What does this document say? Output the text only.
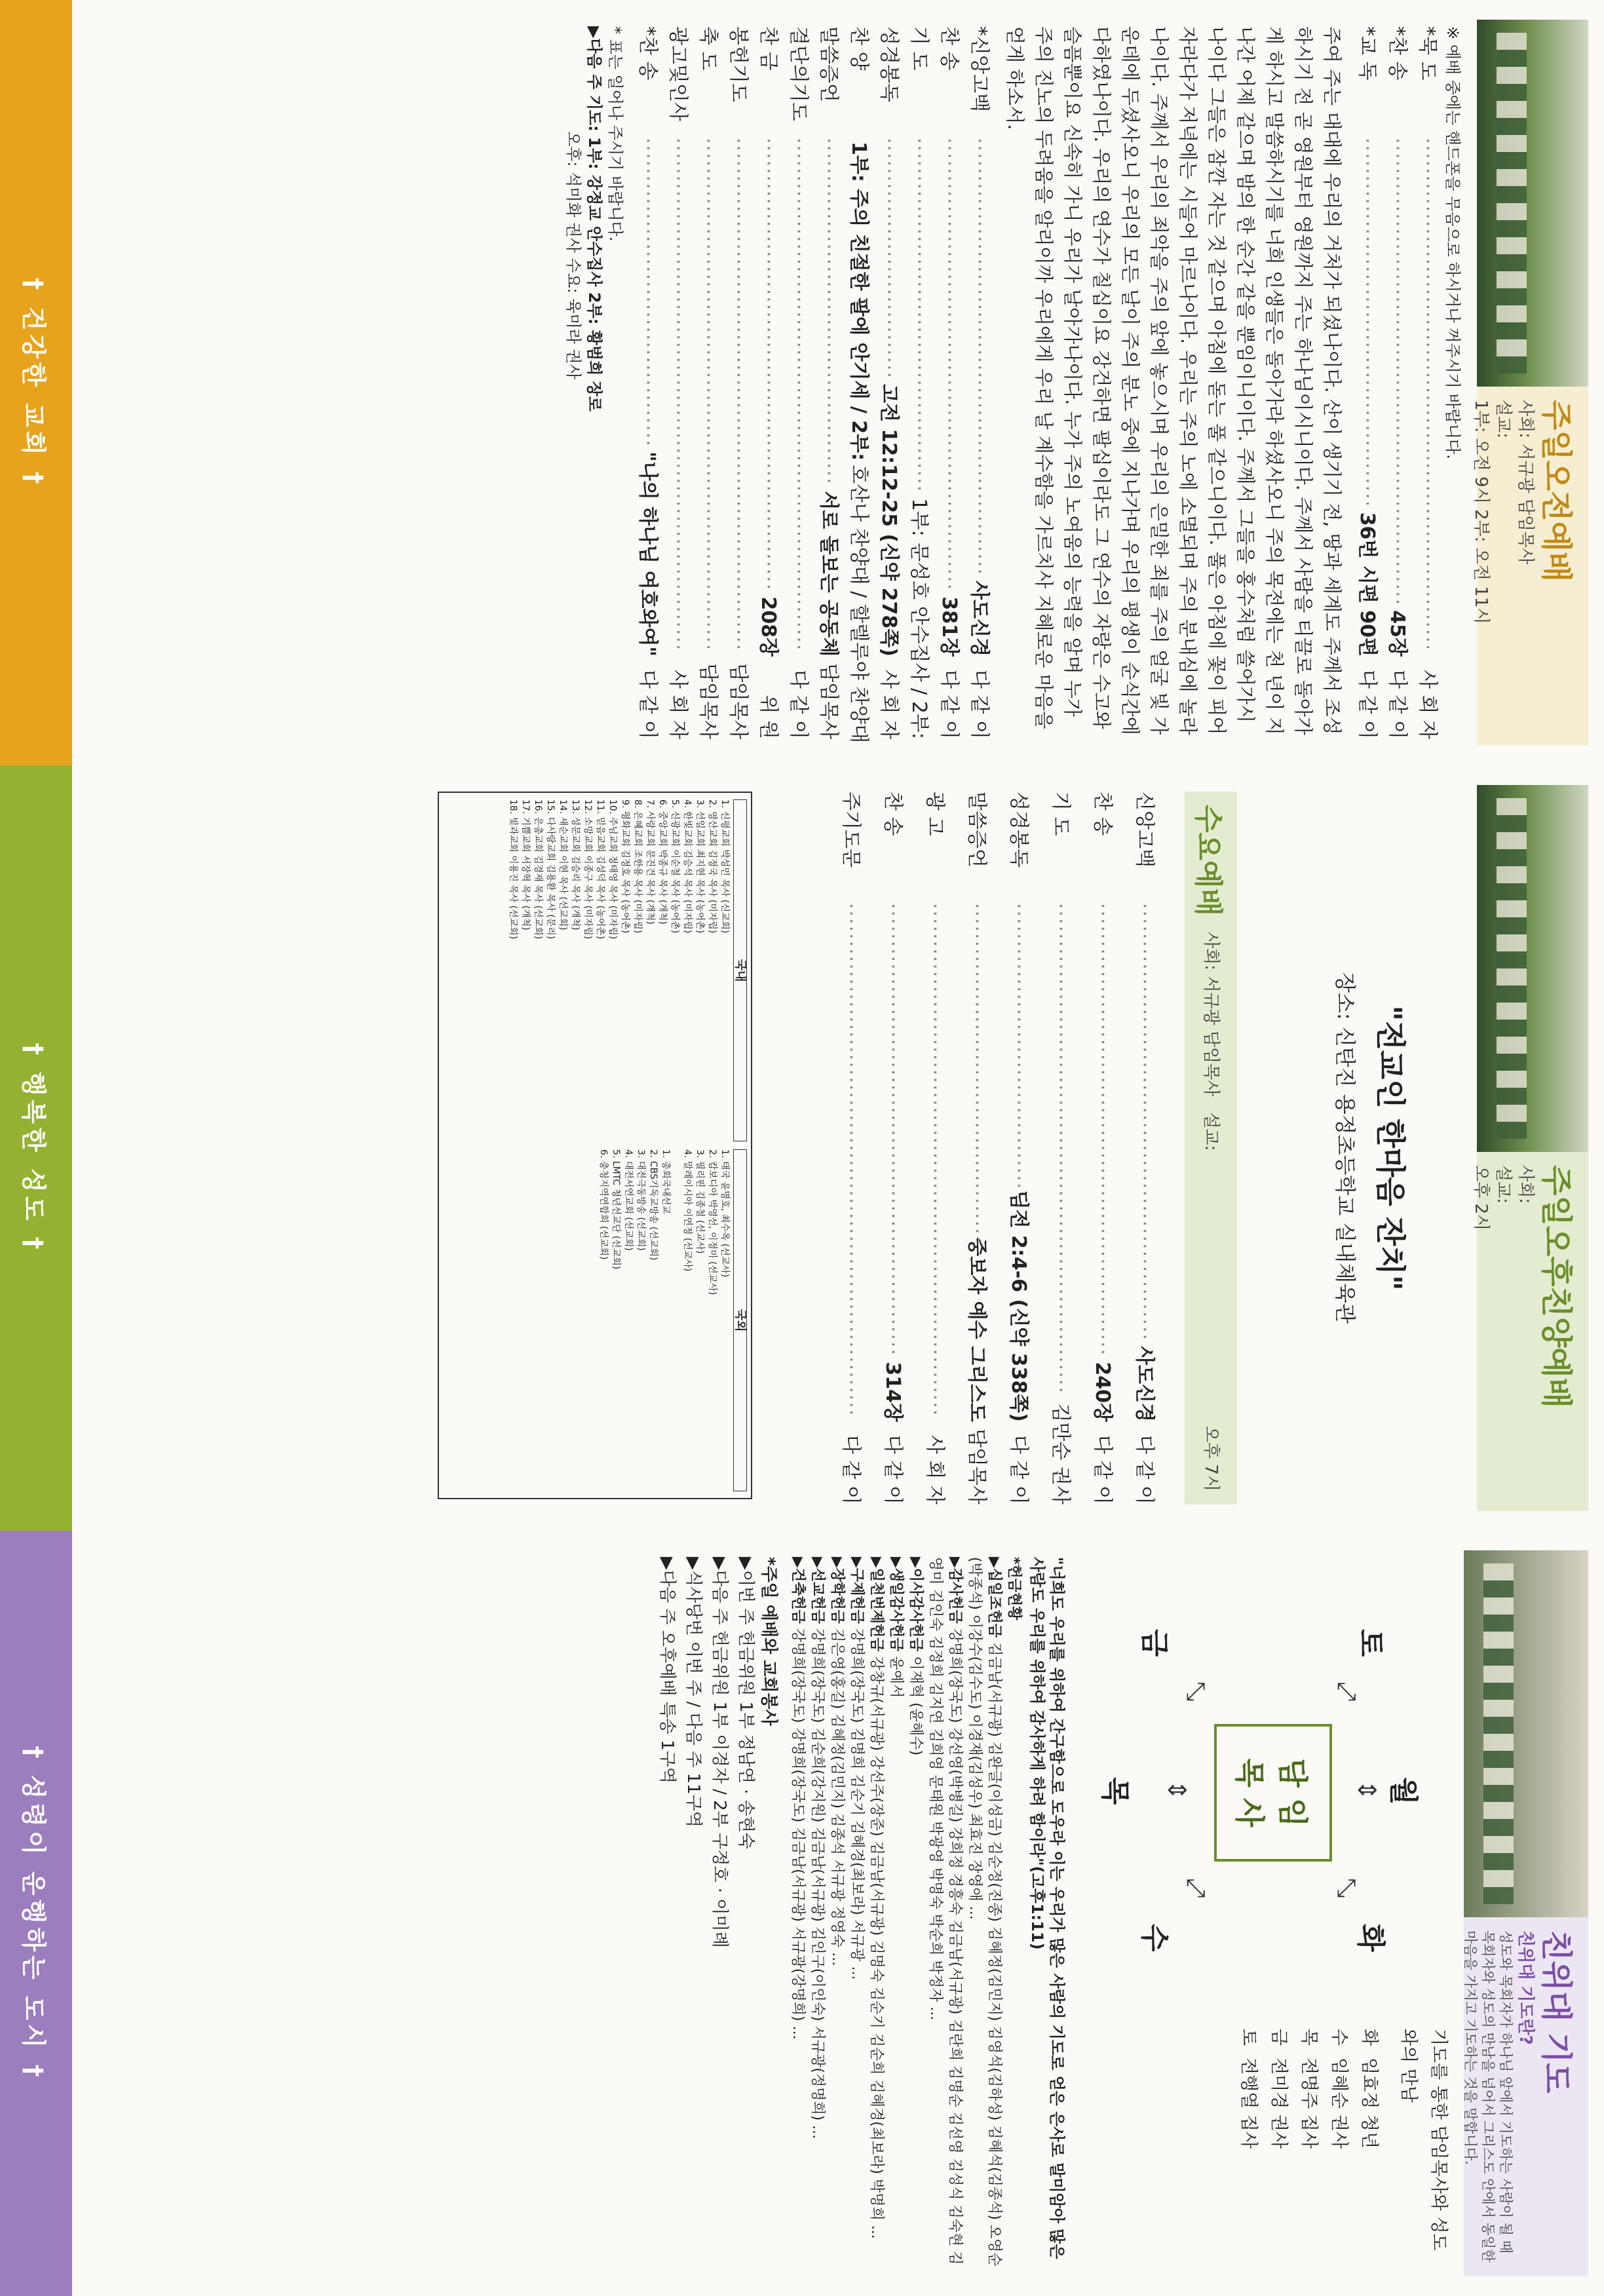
주일오전예배
사회: 서규광 담임목사
설교:
1부: 오전 9시 2부: 오전 11시
※ 예배 중에는 핸드폰을 무음으로 하시거나 꺼주시기 바랍니다.
*묵 도
·····
사 회 자
*찬 송
·····
45장
다 같 이
*교 독
·····
36번 시편 90편
다 같 이
주여 주는 대대에 우리의 거처가 되셨나이다. 산이 생기기 전, 땅과 세계도 주께서 조성하시기 전 곧 영원부터 영원까지 주는 하나님이시니이다. 주께서 사람을 티끌로 돌아가게 하시고 말씀하시기를 너희 인생들은 돌아가라 하셨사오니 주의 목전에는 천 년이 지나간 어제 같으며 밤의 한 순간 같을 뿐임이니이다. 주께서 그들을 홍수처럼 쓸어가시나이다 그들은 잠깐 자는 것 같으며 아침에 돋는 풀 같으니이다. 풀은 아침에 꽃이 피어 자라다가 저녁에는 시들어 마르나이다. 우리는 주의 노에 소멸되며 주의 분내심에 놀라나이다. 주께서 우리의 죄악을 주의 앞에 놓으시며 우리의 은밀한 죄를 주의 얼굴 빛 가운데에 두셨사오니 우리의 모든 날이 주의 분노 중에 지나가며 우리의 평생이 순식간에 다하였나이다. 우리의 연수가 칠십이요 강건하면 팔십이라도 그 연수의 자랑은 수고와 슬픔뿐이요 신속히 가니 우리가 날아가나이다. 누가 주의 노여움의 능력을 알며 누가 주의 진노의 두려움을 알리이까 우리에게 우리 날 계수함을 가르치사 지혜로운 마음을 얻게 하소서.
*신앙고백
·····
사도신경
다 같 이
찬 송
·····
381장
다 같 이
기 도
·····
1부: 문성호 안수집사 / 2부:
성경봉독
·····
고전 12:12-25 (신약 278쪽)
사 회 자
찬 양
1부: 주의 친절한 팔에 안기세 / 2부:
호산나 찬양대 / 할렐루야 찬양대
말씀증언
·····
서로 돌보는 공동체
담임목사
결단의기도
·····
다 같 이
찬 금
·····
208장
위 원
봉헌기도
·····
담임목사
축 도
·····
담임목사
광고및인사
·····
사 회 자
*찬 송
·····
"나의 하나님 여호와여"
다 같 이
* 표는 일어나 주시기 바랍니다.
▶다음 주 기도: 1부: 강정교 안수집사 2부: 황범희 장로
오후: 석미화 권사 수요: 육미라 권사
† 건강한 교회 †
주일오후친양예배
사회:
설교:
오후 2시
"전교인 한마음 잔치"
장소: 신탄진 용정초등학교 실내체육관
수요예배
사회: 서규광 담임목사
설교:
오후 7시
신앙고백
·····
사도신경
다 같 이
찬 송
·····
240장
다 같 이
기 도
·····
김만순 권사
성경봉독
·····
딤전 2:4-6 (신약 338쪽)
다 같 이
말씀증언
·····
중보자 예수 그리스도
담임목사
광 고
·····
사 회 자
찬 송
·····
314장
다 같 이
주기도문
·····
다 같 이
국내
1. 신평교회 박성민 목사 (신교회)
2. 영산교회 김정국 목사 (미자립)
3. 선일교회 최지현 목사 (농어촌)
4. 한빛교회 김승석 목사 (미자립)
5. 신광교회 이순철 목사 (농어촌)
6. 중앙교회 박종규 목사 (개척)
7. 사랑교회 문진건 목사 (개척)
8. 은혜교회 조한용 목사 (미자립)
9. 평화교회 김정호 목사 (농어촌)
10. 주님교회 정태영 목사 (미자립)
11. 믿음교회 김성덕 목사 (농어촌)
12. 소망교회 이종구 목사 (미자립)
13. 성문교회 김승리 목사 (개척)
14. 새순교회 이현 목사 (선교회)
15. 다사랑교회 김용환 목사 (문리)
16. 은총교회 김경재 목사 (선교회)
17. 기쁨교회 서장혁 목사 (개척)
18. 빛과교회 이용진 목사 (선교회)
국외
1. 태국 윤명호, 최수옥 (선교사)
2. 캄보디아 박영선, 이정미 (선교사)
3. 필리핀 김종철 (선교사)
4. 말레이시아 이연정 (선교사)
1. 총회국내선교
2. CBS기독교방송 (선교회)
3. 대전극동방송 (선교회)
4. 대전서연교회 (선교회)
5. LMTC 청년선교단 (선교회)
6. 충청지역연합회 (선교회)
† 행복한 성도 †
친위대 기도
친위대 기도란?
성도와 목회자가 하나님 앞에서 기도하는 사람이 될 때 목회자와 성도의 만남을 넘어서 그리스도 안에서 동일한 마음을 가지고 기도하는 것을 말합니다.
월
화
수
목
금	토
⇕
⤡
⤢
⇕
⤡	⤢
담 임
목 사
기도를 통한 담임목사와 성도와의 만남
화
임효정 청년
수
임혜순 권사
목
전명주 집사
금
전미경 권사
토
전행열 집사
"너희도 우리를 위하여 간구함으로 도우라 이는 우리가 많은 사람의 기도로 얻은 은사로 말미암아 많은 사람도 우리를 위하여 감사하게 하려 함이라"(고후1:11)
*헌금현황
▶십일조헌금 김금남(서규광) 김완글(이성금) 김순정(진종) 김혜정(김민지) 김영석(김하성) 김혜석(김종석) 오영순(박종석) 이강수(김수도) 이경재(김성우) 최효진 장영애 ...
▶감사헌금 강명희(장국도) 강선영(박병길) 강희정 경흥숙 김금남(서규광) 김란희 김명순 김선영 김성식 김숙현 김영미 김인숙 김정희 김지연 김희영 문태원 박광영 박명숙 박순희 박정자 ...
▶이사감사헌금 이재혁 (윤혜수)
▶생일감사헌금 윤예서
▶일천번제헌금 강창규(서규광) 강선주(장준) 김금남(서규광) 김명숙 김순기 김순희 김혜경(최보라) 박명희 ...
▶구제헌금 강명희(장국도) 김명희 김순기 김혜경(최보라) 서규광 ...
▶장학헌금 김은영(홍길) 김혜정(김민지) 김종석 서규광 정영숙 ...
▶선교헌금 강명희(장국도) 김순희(강지원) 김금남(서규광) 김인구(이인숙) 서규광(정명희) ...
▶건축헌금 강명희(장국도) 강명희(장국도) 김금남(서규광) 서규광(강명희) ...
*주일 예배와 교회봉사
▶이번 주 헌금위원 1부 정남연 · 송현숙
▶다음 주 헌금위원 1부 이경자 / 2부 구정호 · 이미례
▶식사당번 이번 주 / 다음 주 11구역
▶다음 주 오후예배 특송 1구역
† 성령이 운행하는 도시 †
